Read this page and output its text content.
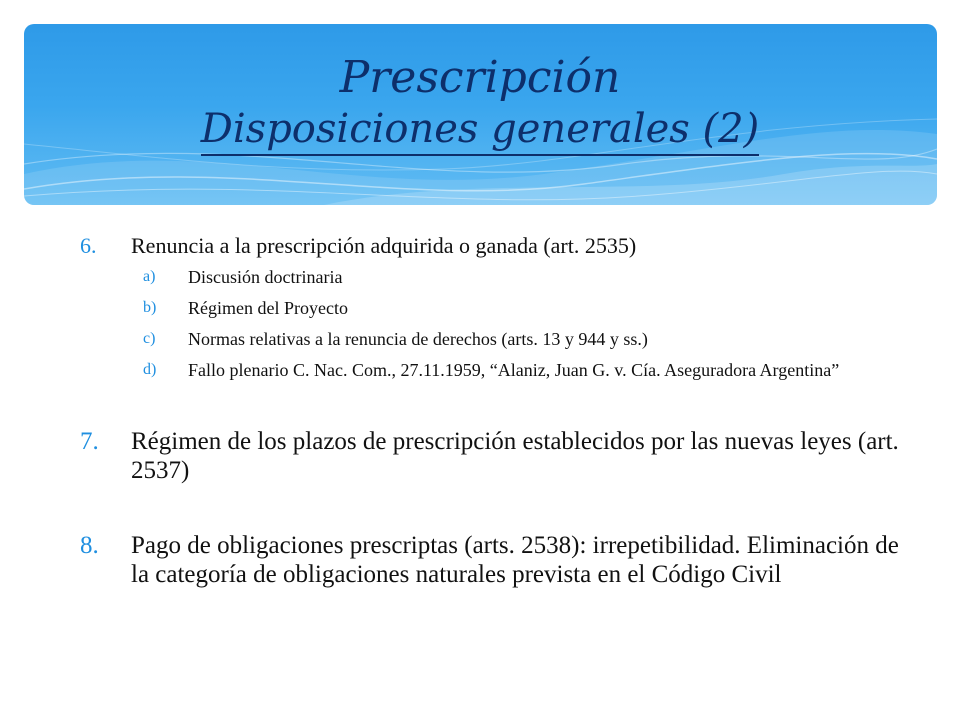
Prescripción
Disposiciones generales (2)
6.	Renuncia a la prescripción adquirida o ganada (art. 2535)
a) Discusión doctrinaria
b) Régimen del Proyecto
c) Normas relativas a la renuncia de derechos (arts. 13 y 944 y ss.)
d) Fallo plenario C. Nac. Com., 27.11.1959, “Alaniz, Juan G. v. Cía. Aseguradora Argentina”
7.	Régimen de los plazos de prescripción establecidos por las nuevas leyes (art. 2537)
8.	Pago de obligaciones prescriptas (arts. 2538): irrepetibilidad. Eliminación de la categoría de obligaciones naturales prevista en el Código Civil
